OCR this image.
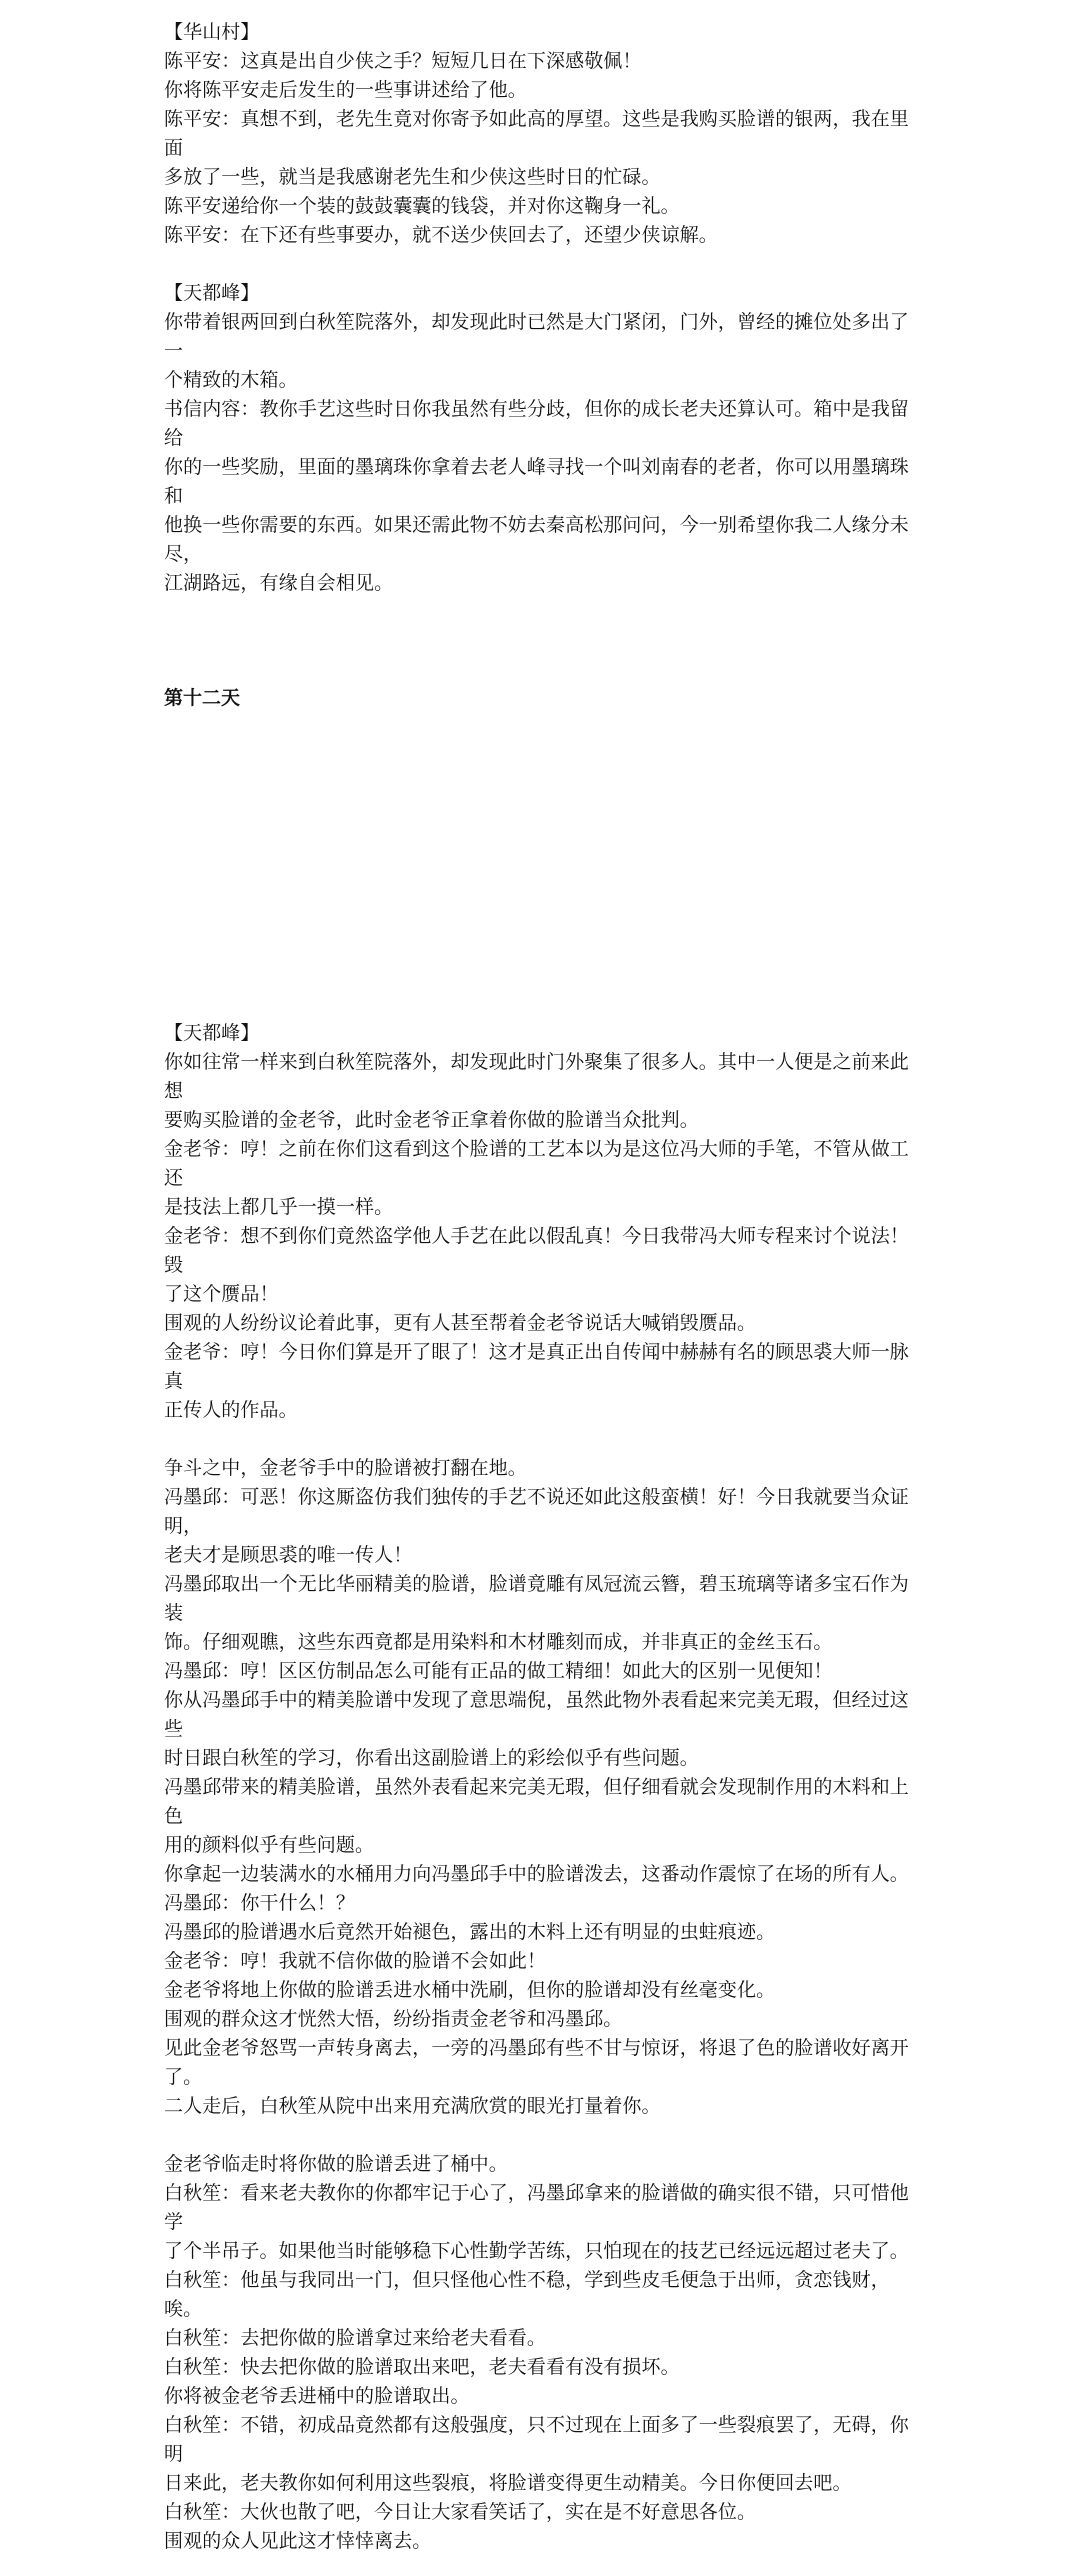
【华山村】

陈平安：这真是出自少侠之手？短短几日在下深感敬佩！

你将陈平安走后发生的一些事讲述给了他。

陈平安：真想不到，老先生竟对你寄予如此高的厚望。这些是我购买脸谱的银两，我在里面

多放了一些，就当是我感谢老先生和少侠这些时日的忙碌。

陈平安递给你一个装的鼓鼓囊囊的钱袋，并对你这鞠身一礼。

陈平安：在下还有些事要办，就不送少侠回去了，还望少侠谅解。

【天都峰】

你带着银两回到白秋笙院落外，却发现此时已然是大门紧闭，门外，曾经的摊位处多出了一

个精致的木箱。

书信内容：教你手艺这些时日你我虽然有些分歧，但你的成长老夫还算认可。箱中是我留给

你的一些奖励，里面的墨璃珠你拿着去老人峰寻找一个叫刘南春的老者，你可以用墨璃珠和

他换一些你需要的东西。如果还需此物不妨去秦高松那问问，今一别希望你我二人缘分未尽，

江湖路远，有缘自会相见。

第十二天

【天都峰】

你如往常一样来到白秋笙院落外，却发现此时门外聚集了很多人。其中一人便是之前来此想

要购买脸谱的金老爷，此时金老爷正拿着你做的脸谱当众批判。

金老爷：哼！之前在你们这看到这个脸谱的工艺本以为是这位冯大师的手笔，不管从做工还

是技法上都几乎一摸一样。

金老爷：想不到你们竟然盗学他人手艺在此以假乱真！今日我带冯大师专程来讨个说法！毁

了这个赝品！

围观的人纷纷议论着此事，更有人甚至帮着金老爷说话大喊销毁赝品。

金老爷：哼！今日你们算是开了眼了！这才是真正出自传闻中赫赫有名的顾思裘大师一脉真

正传人的作品。

争斗之中，金老爷手中的脸谱被打翻在地。

冯墨邱：可恶！你这厮盗仿我们独传的手艺不说还如此这般蛮横！好！今日我就要当众证明，

老夫才是顾思裘的唯一传人！

冯墨邱取出一个无比华丽精美的脸谱，脸谱竟雕有凤冠流云簪，碧玉琉璃等诸多宝石作为装

饰。仔细观瞧，这些东西竟都是用染料和木材雕刻而成，并非真正的金丝玉石。

冯墨邱：哼！区区仿制品怎么可能有正品的做工精细！如此大的区别一见便知！

你从冯墨邱手中的精美脸谱中发现了意思端倪，虽然此物外表看起来完美无瑕，但经过这些

时日跟白秋笙的学习，你看出这副脸谱上的彩绘似乎有些问题。

冯墨邱带来的精美脸谱，虽然外表看起来完美无瑕，但仔细看就会发现制作用的木料和上色

用的颜料似乎有些问题。

你拿起一边装满水的水桶用力向冯墨邱手中的脸谱泼去，这番动作震惊了在场的所有人。

冯墨邱：你干什么！？

冯墨邱的脸谱遇水后竟然开始褪色，露出的木料上还有明显的虫蛀痕迹。

金老爷：哼！我就不信你做的脸谱不会如此！

金老爷将地上你做的脸谱丢进水桶中洗刷，但你的脸谱却没有丝毫变化。

围观的群众这才恍然大悟，纷纷指责金老爷和冯墨邱。

见此金老爷怒骂一声转身离去，一旁的冯墨邱有些不甘与惊讶，将退了色的脸谱收好离开了。

二人走后，白秋笙从院中出来用充满欣赏的眼光打量着你。

金老爷临走时将你做的脸谱丢进了桶中。

白秋笙：看来老夫教你的你都牢记于心了，冯墨邱拿来的脸谱做的确实很不错，只可惜他学

了个半吊子。如果他当时能够稳下心性勤学苦练，只怕现在的技艺已经远远超过老夫了。

白秋笙：他虽与我同出一门，但只怪他心性不稳，学到些皮毛便急于出师，贪恋钱财，唉。

白秋笙：去把你做的脸谱拿过来给老夫看看。

白秋笙：快去把你做的脸谱取出来吧，老夫看看有没有损坏。

你将被金老爷丢进桶中的脸谱取出。

白秋笙：不错，初成品竟然都有这般强度，只不过现在上面多了一些裂痕罢了，无碍，你明

日来此，老夫教你如何利用这些裂痕，将脸谱变得更生动精美。今日你便回去吧。

白秋笙：大伙也散了吧，今日让大家看笑话了，实在是不好意思各位。

围观的众人见此这才悻悻离去。
